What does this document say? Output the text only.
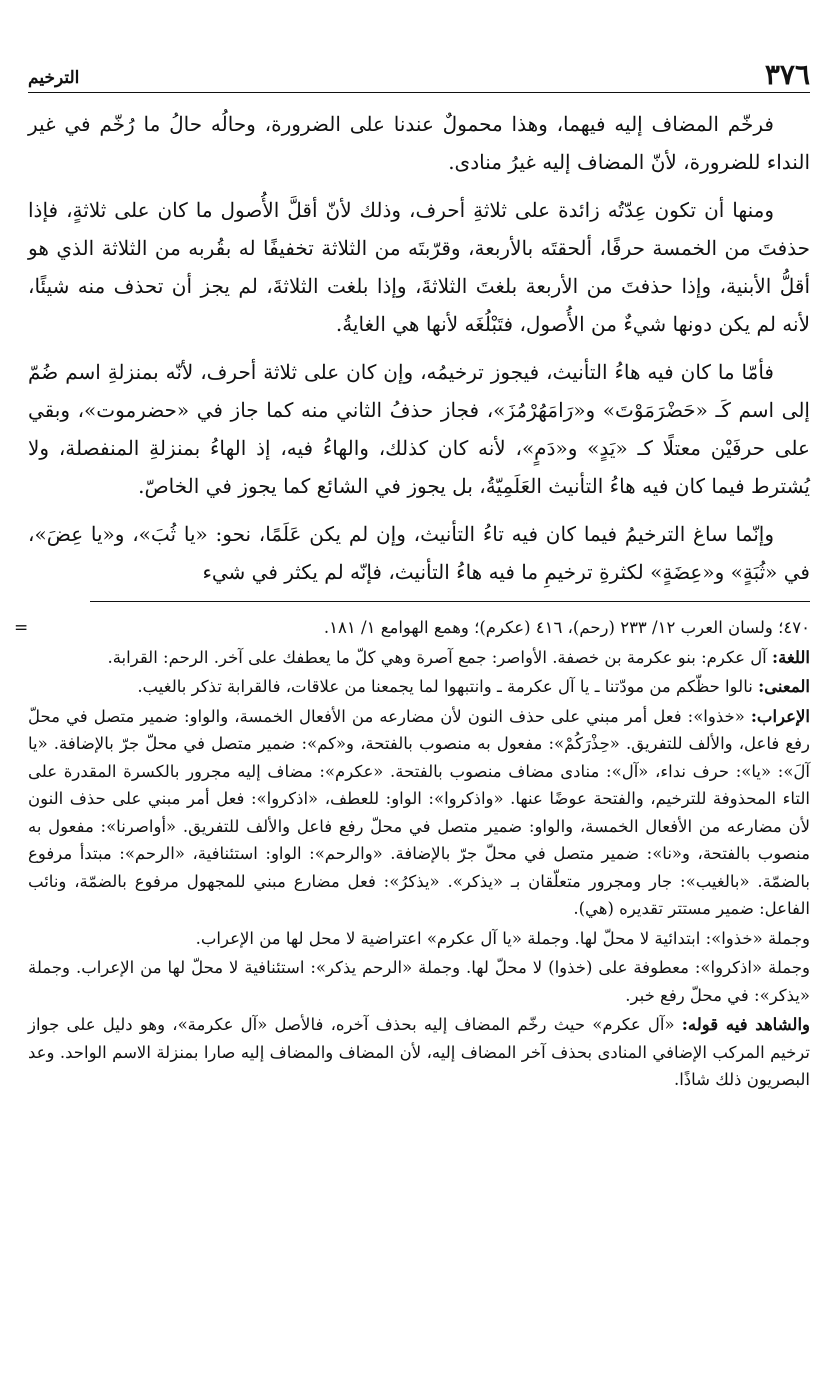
٣٧٦
الترخيم

فرخّم المضاف إليه فيهما، وهذا محمولٌ عندنا على الضرورة، وحالُه حالُ ما رُخّم في غير النداء للضرورة، لأنّ المضاف إليه غيرُ منادى.

ومنها أن تكون عِدّتُه زائدة على ثلاثةِ أحرف، وذلك لأنّ أقلَّ الأُصول ما كان على ثلاثةٍ، فإذا حذفتَ من الخمسة حرفًا، ألحقتَه بالأربعة، وقرّبتَه من الثلاثة تخفيفًا له بقُربه من الثلاثة الذي هو أقلُّ الأبنية، وإذا حذفتَ من الأربعة بلغتَ الثلاثةَ، وإذا بلغت الثلاثةَ، لم يجز أن تحذف منه شيئًا، لأنه لم يكن دونها شيءٌ من الأُصول، فتَبْلُغَه لأنها هي الغايةُ.

فأمّا ما كان فيه هاءُ التأنيث، فيجوز ترخيمُه، وإن كان على ثلاثة أحرف، لأنّه بمنزلةِ اسم ضُمّ إلى اسم كَـ «حَضْرَمَوْتَ» و«رَامَهُرْمُزَ»، فجاز حذفُ الثاني منه كما جاز في «حضرموت»، وبقي على حرفَيْن معتلًا كـ «يَدٍ» و«دَمٍ»، لأنه كان كذلك، والهاءُ فيه، إذ الهاءُ بمنزلةِ المنفصلة، ولا يُشترط فيما كان فيه هاءُ التأنيث العَلَمِيّةُ، بل يجوز في الشائع كما يجوز في الخاصّ.

وإنّما ساغ الترخيمُ فيما كان فيه تاءُ التأنيث، وإن لم يكن عَلَمًا، نحو: «يا ثُبَ»، و«يا عِضَ»، في «ثُبَةٍ» و«عِضَةٍ» لكثرةِ ترخيمِ ما فيه هاءُ التأنيث، فإنّه لم يكثر في شيء

=	٤٧٠؛ ولسان العرب ١٢/ ٢٣٣ (رحم)، ٤١٦ (عكرم)؛ وهمع الهوامع ١/ ١٨١.

اللغة: آل عكرم: بنو عكرمة بن خصفة. الأواصر: جمع آصرة وهي كلّ ما يعطفك على آخر. الرحم: القرابة.

المعنى: نالوا حظّكم من مودّتنا ـ يا آل عكرمة ـ وانتبهوا لما يجمعنا من علاقات، فالقرابة تذكر بالغيب.

الإعراب: «خذوا»: فعل أمر مبني على حذف النون لأن مضارعه من الأفعال الخمسة، والواو: ضمير متصل في محلّ رفع فاعل، والألف للتفريق. «حِذْرَكُمْ»: مفعول به منصوب بالفتحة، و«كم»: ضمير متصل في محلّ جرّ بالإضافة. «يا آلَ»: «يا»: حرف نداء، «آل»: منادى مضاف منصوب بالفتحة. «عكرم»: مضاف إليه مجرور بالكسرة المقدرة على التاء المحذوفة للترخيم، والفتحة عوضًا عنها. «واذكروا»: الواو: للعطف، «اذكروا»: فعل أمر مبني على حذف النون لأن مضارعه من الأفعال الخمسة، والواو: ضمير متصل في محلّ رفع فاعل والألف للتفريق. «أواصرنا»: مفعول به منصوب بالفتحة، و«نا»: ضمير متصل في محلّ جرّ بالإضافة. «والرحم»: الواو: استئنافية، «الرحم»: مبتدأ مرفوع بالضمّة. «بالغيب»: جار ومجرور متعلّقان بـ «يذكر». «يذكرُ»: فعل مضارع مبني للمجهول مرفوع بالضمّة، ونائب الفاعل: ضمير مستتر تقديره (هي).

وجملة «خذوا»: ابتدائية لا محلّ لها. وجملة «يا آل عكرم» اعتراضية لا محل لها من الإعراب.

وجملة «اذكروا»: معطوفة على (خذوا) لا محلّ لها. وجملة «الرحم يذكر»: استئنافية لا محلّ لها من الإعراب. وجملة «يذكر»: في محلّ رفع خبر.

والشاهد فيه قوله: «آل عكرم» حيث رخّم المضاف إليه بحذف آخره، فالأصل «آل عكرمة»، وهو دليل على جواز ترخيم المركب الإضافي المنادى بحذف آخر المضاف إليه، لأن المضاف والمضاف إليه صارا بمنزلة الاسم الواحد. وعد البصريون ذلك شاذًا.
